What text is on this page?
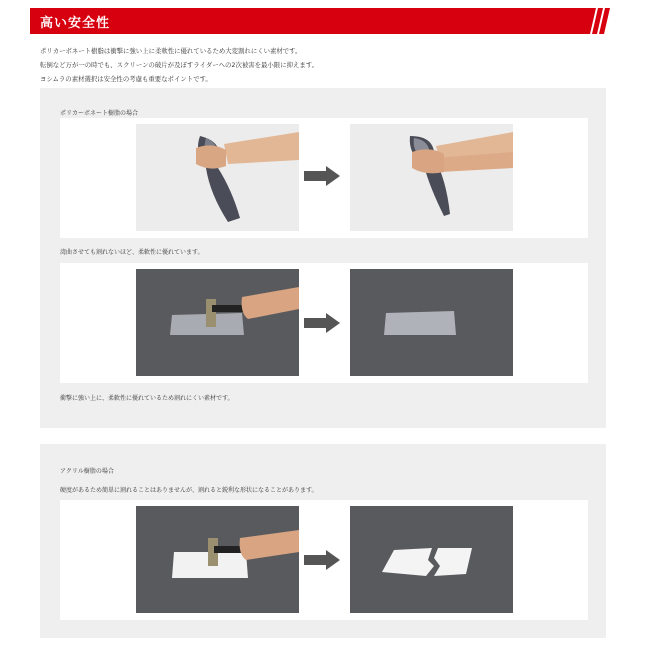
高い安全性

ポリカーボネート樹脂は衝撃に強い上に柔軟性に優れているため大変割れにくい素材です。

転倒など万が一の時でも、スクリーンの破片が及ぼすライダーへの2次被害を最小限に抑えます。

ヨシムラの素材選択は安全性の考慮も重要なポイントです。

ポリカーボネート樹脂の場合
湾曲させても割れないほど、柔軟性に優れています。
衝撃に強い上に、柔軟性に優れているため割れにくい素材です。
アクリル樹脂の場合
硬度があるため簡単に割れることはありませんが、割れると鋭利な形状になることがあります。
